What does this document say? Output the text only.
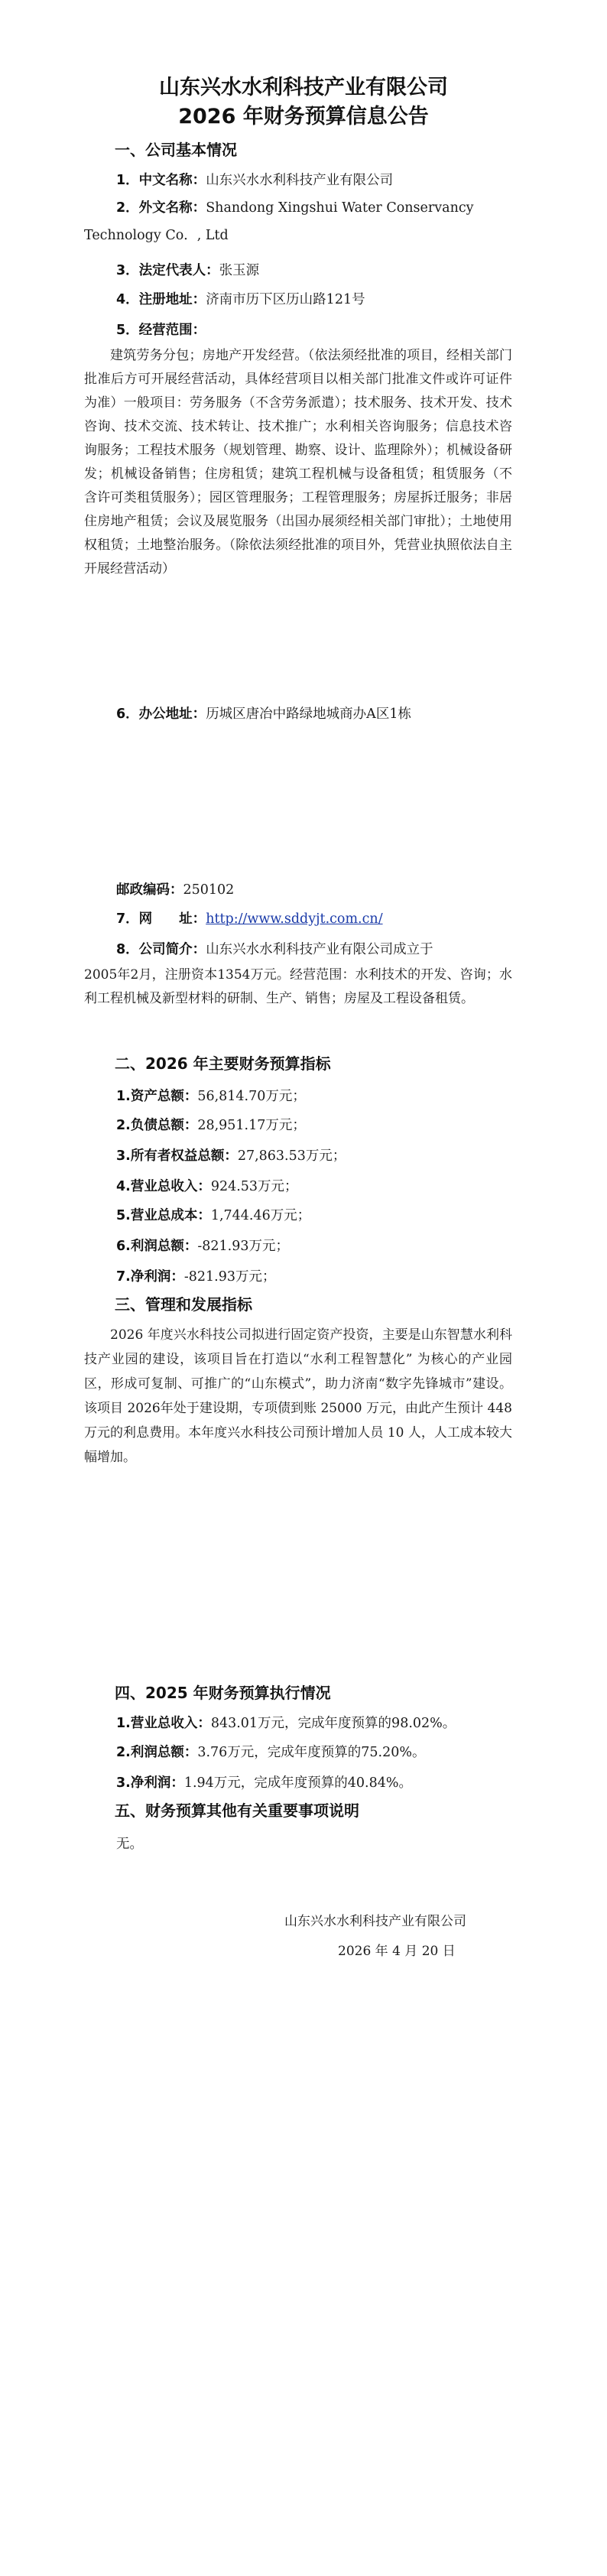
山东兴水水利科技产业有限公司
2026 年财务预算信息公告
一、公司基本情况
1．中文名称：山东兴水水利科技产业有限公司
2．外文名称：Shandong Xingshui Water Conservancy
Technology Co．, Ltd
3．法定代表人：张玉源
4．注册地址：济南市历下区历山路121号
5．经营范围：
建筑劳务分包；房地产开发经营。（依法须经批准的项目，经相关部门批准后方可开展经营活动，具体经营项目以相关部门批准文件或许可证件为准）一般项目：劳务服务（不含劳务派遣）；技术服务、技术开发、技术咨询、技术交流、技术转让、技术推广；水利相关咨询服务；信息技术咨询服务；工程技术服务（规划管理、勘察、设计、监理除外）；机械设备研发；机械设备销售；住房租赁；建筑工程机械与设备租赁；租赁服务（不含许可类租赁服务）；园区管理服务；工程管理服务；房屋拆迁服务；非居住房地产租赁；会议及展览服务（出国办展须经相关部门审批）；土地使用权租赁；土地整治服务。（除依法须经批准的项目外，凭营业执照依法自主开展经营活动）
6．办公地址：历城区唐冶中路绿地城商办A区1栋
邮政编码：250102
7．网　　址：http://www.sddyjt.com.cn/
8．公司简介：山东兴水水利科技产业有限公司成立于
2005年2月，注册资本1354万元。经营范围：水利技术的开发、咨询；水利工程机械及新型材料的研制、生产、销售；房屋及工程设备租赁。
二、2026 年主要财务预算指标
1.资产总额：56,814.70万元；
2.负债总额：28,951.17万元；
3.所有者权益总额：27,863.53万元；
4.营业总收入：924.53万元；
5.营业总成本：1,744.46万元；
6.利润总额：-821.93万元；
7.净利润：-821.93万元；
三、管理和发展指标
2026 年度兴水科技公司拟进行固定资产投资，主要是山东智慧水利科技产业园的建设，该项目旨在打造以“水利工程智慧化” 为核心的产业园区，形成可复制、可推广的“山东模式”，助力济南“数字先锋城市”建设。该项目 2026年处于建设期，专项债到账 25000 万元，由此产生预计 448万元的利息费用。本年度兴水科技公司预计增加人员 10 人，人工成本较大幅增加。
四、2025 年财务预算执行情况
1.营业总收入：843.01万元，完成年度预算的98.02%。
2.利润总额：3.76万元，完成年度预算的75.20%。
3.净利润：1.94万元，完成年度预算的40.84%。
五、财务预算其他有关重要事项说明
无。
山东兴水水利科技产业有限公司
2026 年 4 月 20 日
